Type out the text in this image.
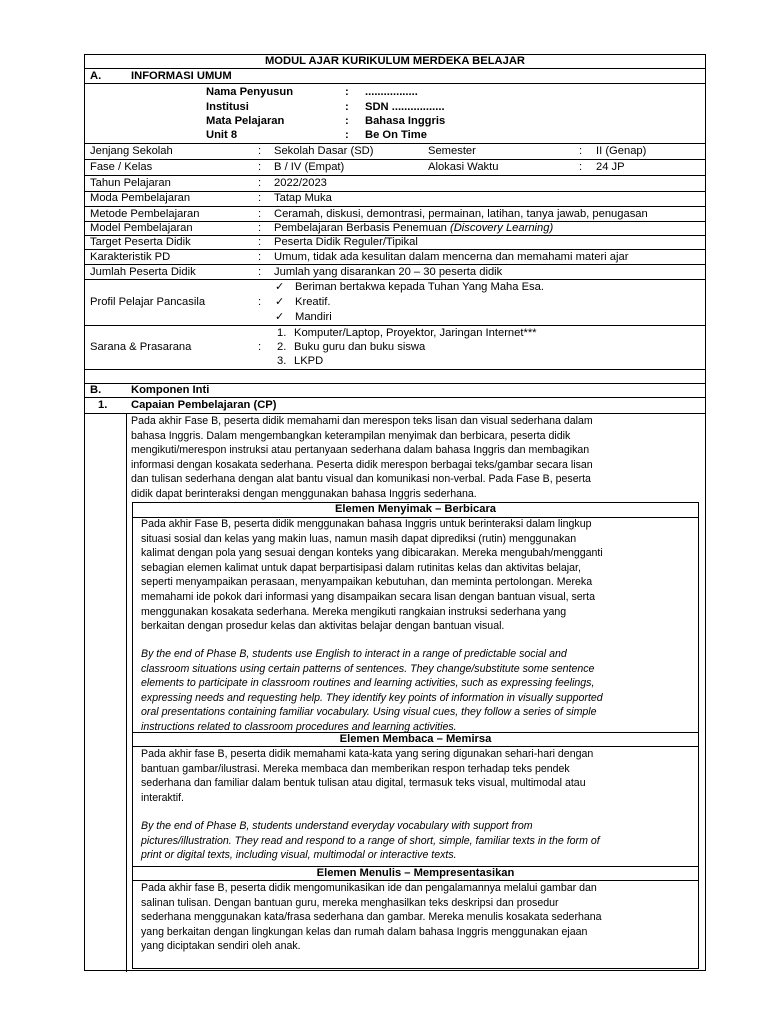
MODUL AJAR KURIKULUM MERDEKA BELAJAR
A.	INFORMASI UMUM
Nama Penyusun	: .................
Institusi	: SDN .................
Mata Pelajaran	: Bahasa Inggris
Unit 8	: Be On Time
Jenjang Sekolah	: Sekolah Dasar (SD)	Semester	: II (Genap)
Fase / Kelas	: B / IV (Empat)	Alokasi Waktu	: 24 JP
Tahun Pelajaran	: 2022/2023
Moda Pembelajaran	: Tatap Muka
Metode Pembelajaran	: Ceramah, diskusi, demontrasi, permainan, latihan, tanya jawab, penugasan
Model Pembelajaran	: Pembelajaran Berbasis Penemuan (Discovery Learning)
Target Peserta Didik	: Peserta Didik Reguler/Tipikal
Karakteristik PD	: Umum, tidak ada kesulitan dalam mencerna dan memahami materi ajar
Jumlah Peserta Didik	: Jumlah yang disarankan 20 – 30 peserta didik
Profil Pelajar Pancasila	:
✓ Beriman bertakwa kepada Tuhan Yang Maha Esa.
✓ Kreatif.
✓ Mandiri
Sarana & Prasarana	:
1. Komputer/Laptop, Proyektor, Jaringan Internet***
2. Buku guru dan buku siswa
3. LKPD
B.	Komponen Inti
1. Capaian Pembelajaran (CP)
Pada akhir Fase B, peserta didik memahami dan merespon teks lisan dan visual sederhana dalam
bahasa Inggris. Dalam mengembangkan keterampilan menyimak dan berbicara, peserta didik
mengikuti/merespon instruksi atau pertanyaan sederhana dalam bahasa Inggris dan membagikan
informasi dengan kosakata sederhana. Peserta didik merespon berbagai teks/gambar secara lisan
dan tulisan sederhana dengan alat bantu visual dan komunikasi non-verbal. Pada Fase B, peserta
didik dapat berinteraksi dengan menggunakan bahasa Inggris sederhana.
Elemen Menyimak – Berbicara
Pada akhir Fase B, peserta didik menggunakan bahasa Inggris untuk berinteraksi dalam lingkup
situasi sosial dan kelas yang makin luas, namun masih dapat diprediksi (rutin) menggunakan
kalimat dengan pola yang sesuai dengan konteks yang dibicarakan. Mereka mengubah/mengganti
sebagian elemen kalimat untuk dapat berpartisipasi dalam rutinitas kelas dan aktivitas belajar,
seperti menyampaikan perasaan, menyampaikan kebutuhan, dan meminta pertolongan. Mereka
memahami ide pokok dari informasi yang disampaikan secara lisan dengan bantuan visual, serta
menggunakan kosakata sederhana. Mereka mengikuti rangkaian instruksi sederhana yang
berkaitan dengan prosedur kelas dan aktivitas belajar dengan bantuan visual.
By the end of Phase B, students use English to interact in a range of predictable social and
classroom situations using certain patterns of sentences. They change/substitute some sentence
elements to participate in classroom routines and learning activities, such as expressing feelings,
expressing needs and requesting help. They identify key points of information in visually supported
oral presentations containing familiar vocabulary. Using visual cues, they follow a series of simple
instructions related to classroom procedures and learning activities.
Elemen Membaca – Memirsa
Pada akhir fase B, peserta didik memahami kata-kata yang sering digunakan sehari-hari dengan
bantuan gambar/ilustrasi. Mereka membaca dan memberikan respon terhadap teks pendek
sederhana dan familiar dalam bentuk tulisan atau digital, termasuk teks visual, multimodal atau
interaktif.
By the end of Phase B, students understand everyday vocabulary with support from
pictures/illustration. They read and respond to a range of short, simple, familiar texts in the form of
print or digital texts, including visual, multimodal or interactive texts.
Elemen Menulis – Mempresentasikan
Pada akhir fase B, peserta didik mengomunikasikan ide dan pengalamannya melalui gambar dan
salinan tulisan. Dengan bantuan guru, mereka menghasilkan teks deskripsi dan prosedur
sederhana menggunakan kata/frasa sederhana dan gambar. Mereka menulis kosakata sederhana
yang berkaitan dengan lingkungan kelas dan rumah dalam bahasa Inggris menggunakan ejaan
yang diciptakan sendiri oleh anak.
